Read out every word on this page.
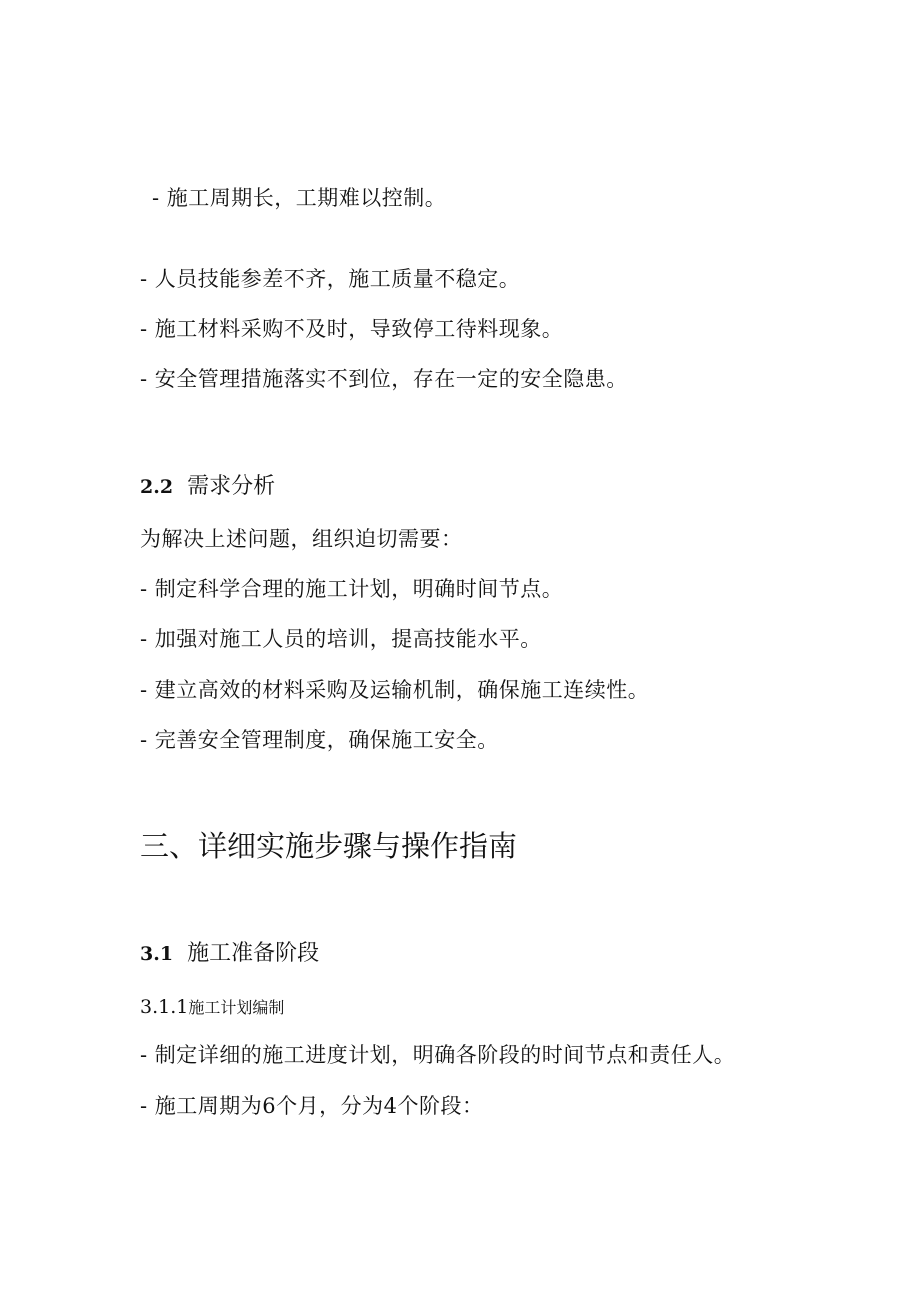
- 施工周期长，工期难以控制。
- 人员技能参差不齐，施工质量不稳定。
- 施工材料采购不及时，导致停工待料现象。
- 安全管理措施落实不到位，存在一定的安全隐患。
2.2 需求分析
为解决上述问题，组织迫切需要：
- 制定科学合理的施工计划，明确时间节点。
- 加强对施工人员的培训，提高技能水平。
- 建立高效的材料采购及运输机制，确保施工连续性。
- 完善安全管理制度，确保施工安全。
三、详细实施步骤与操作指南
3.1 施工准备阶段
3.1.1施工计划编制
- 制定详细的施工进度计划，明确各阶段的时间节点和责任人。
- 施工周期为6个月，分为4个阶段：
